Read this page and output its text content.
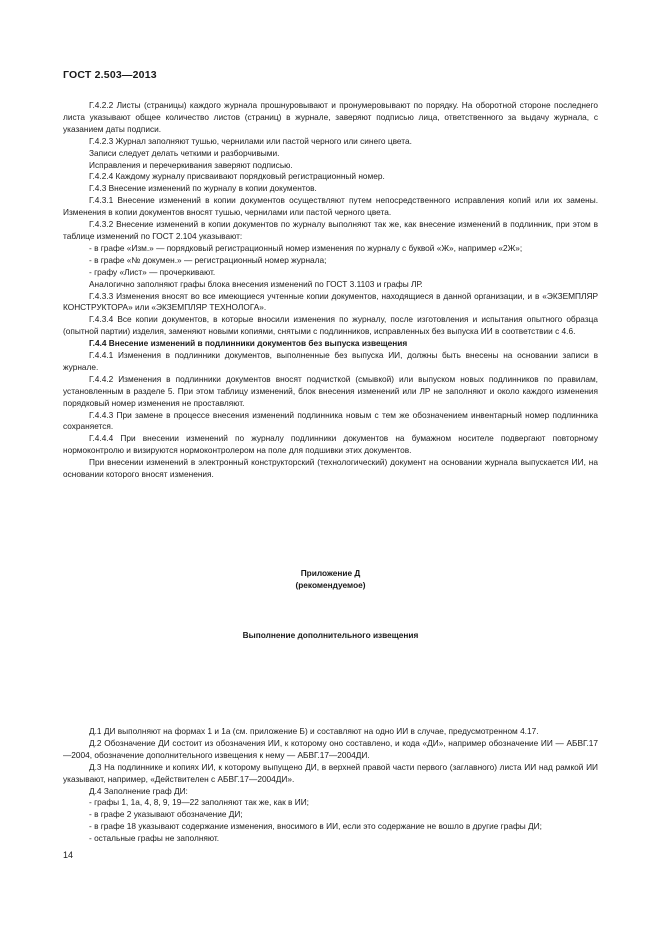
ГОСТ 2.503—2013

Г.4.2.2 Листы (страницы) каждого журнала прошнуровывают и пронумеровывают по порядку. На оборотной стороне последнего листа указывают общее количество листов (страниц) в журнале, заверяют подписью лица, ответственного за выдачу журнала, с указанием даты подписи.

Г.4.2.3 Журнал заполняют тушью, чернилами или пастой черного или синего цвета.

Записи следует делать четкими и разборчивыми.

Исправления и перечеркивания заверяют подписью.

Г.4.2.4 Каждому журналу присваивают порядковый регистрационный номер.

Г.4.3 Внесение изменений по журналу в копии документов.

Г.4.3.1 Внесение изменений в копии документов осуществляют путем непосредственного исправления копий или их замены. Изменения в копии документов вносят тушью, чернилами или пастой черного цвета.

Г.4.3.2 Внесение изменений в копии документов по журналу выполняют так же, как внесение изменений в подлинник, при этом в таблице изменений по ГОСТ 2.104 указывают:

- в графе «Изм.» — порядковый регистрационный номер изменения по журналу с буквой «Ж», например «2Ж»;

- в графе «№ докумен.» — регистрационный номер журнала;

- графу «Лист» — прочеркивают.

Аналогично заполняют графы блока внесения изменений по ГОСТ 3.1103 и графы ЛР.

Г.4.3.3 Изменения вносят во все имеющиеся учтенные копии документов, находящиеся в данной организации, и в «ЭКЗЕМПЛЯР КОНСТРУКТОРА» или «ЭКЗЕМПЛЯР ТЕХНОЛОГА».

Г.4.3.4 Все копии документов, в которые вносили изменения по журналу, после изготовления и испытания опытного образца (опытной партии) изделия, заменяют новыми копиями, снятыми с подлинников, исправленных без выпуска ИИ в соответствии с 4.6.

Г.4.4 Внесение изменений в подлинники документов без выпуска извещения

Г.4.4.1 Изменения в подлинники документов, выполненные без выпуска ИИ, должны быть внесены на основании записи в журнале.

Г.4.4.2 Изменения в подлинники документов вносят подчисткой (смывкой) или выпуском новых подлинников по правилам, установленным в разделе 5. При этом таблицу изменений, блок внесения изменений или ЛР не заполняют и около каждого изменения порядковый номер изменения не проставляют.

Г.4.4.3 При замене в процессе внесения изменений подлинника новым с тем же обозначением инвентарный номер подлинника сохраняется.

Г.4.4.4 При внесении изменений по журналу подлинники документов на бумажном носителе подвергают повторному нормоконтролю и визируются нормоконтролером на поле для подшивки этих документов.

При внесении изменений в электронный конструкторский (технологический) документ на основании журнала выпускается ИИ, на основании которого вносят изменения.

Приложение Д
(рекомендуемое)
Выполнение дополнительного извещения

Д.1 ДИ выполняют на формах 1 и 1а (см. приложение Б) и составляют на одно ИИ в случае, предусмотренном 4.17.

Д.2 Обозначение ДИ состоит из обозначения ИИ, к которому оно составлено, и кода «ДИ», например обозначение ИИ — АБВГ.17—2004, обозначение дополнительного извещения к нему — АБВГ.17—2004ДИ.

Д.3 На подлиннике и копиях ИИ, к которому выпущено ДИ, в верхней правой части первого (заглавного) листа ИИ над рамкой ИИ указывают, например, «Действителен с АБВГ.17—2004ДИ».

Д.4 Заполнение граф ДИ:

- графы 1, 1а, 4, 8, 9, 19—22 заполняют так же, как в ИИ;

- в графе 2 указывают обозначение ДИ;

- в графе 18 указывают содержание изменения, вносимого в ИИ, если это содержание не вошло в другие графы ДИ;

- остальные графы не заполняют.

14
